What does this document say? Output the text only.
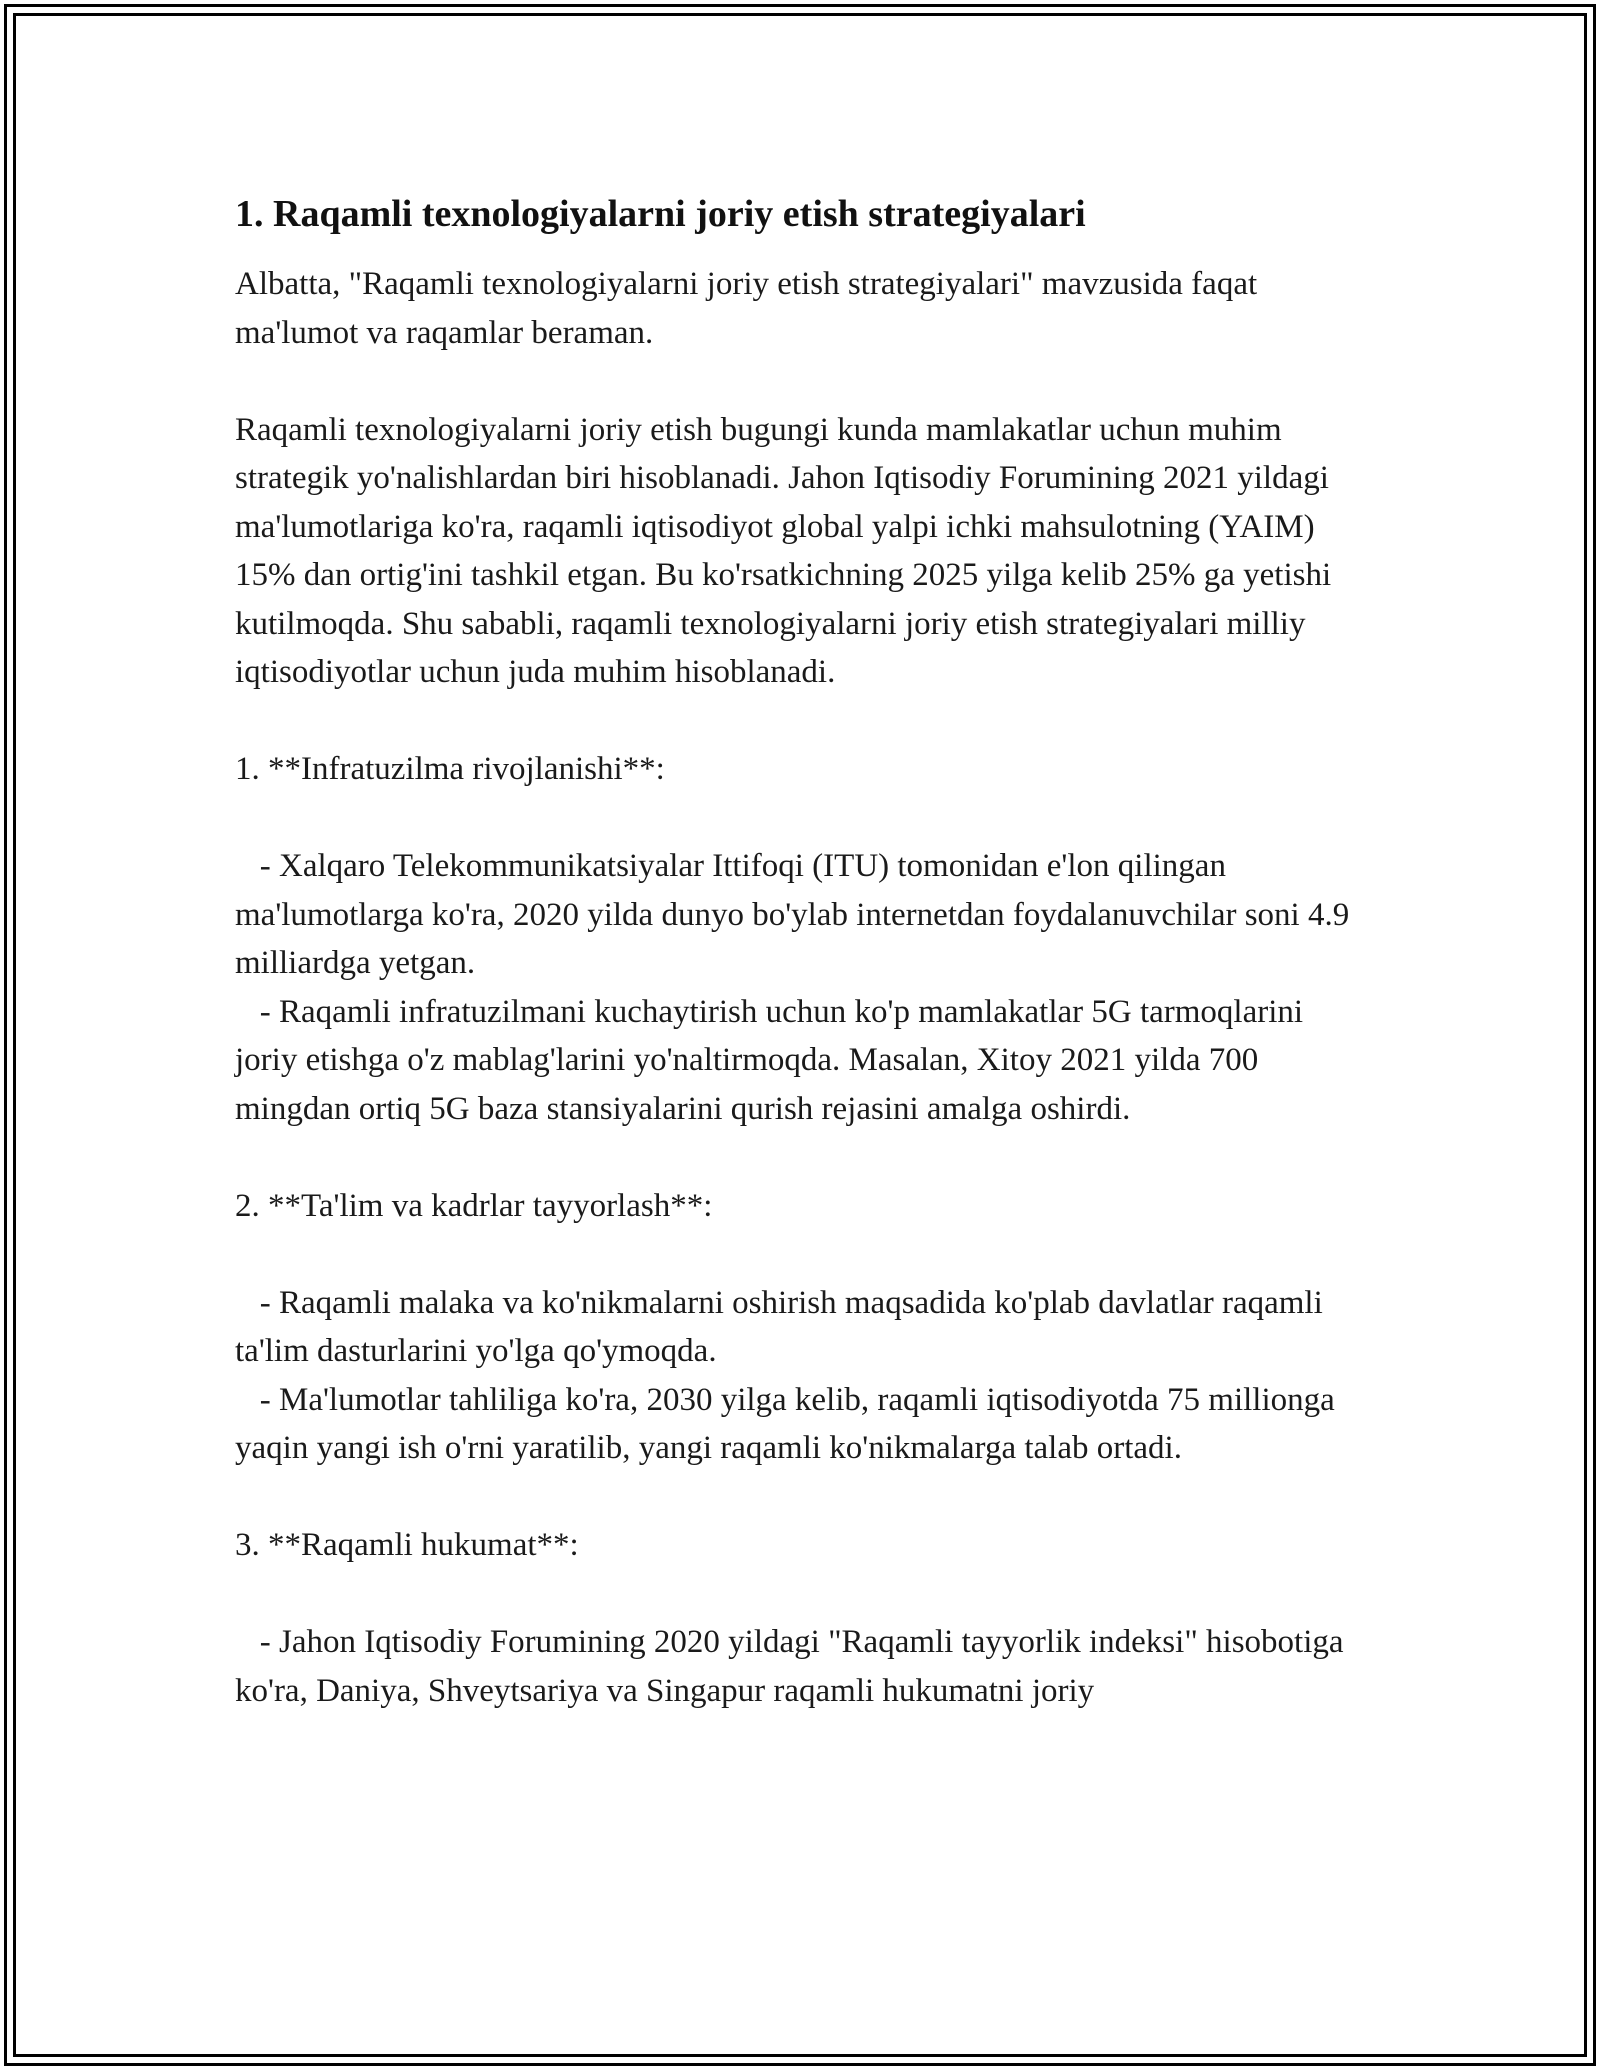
1. Raqamli texnologiyalarni joriy etish strategiyalari

Albatta, "Raqamli texnologiyalarni joriy etish strategiyalari" mavzusida faqat ma'lumot va raqamlar beraman.

Raqamli texnologiyalarni joriy etish bugungi kunda mamlakatlar uchun muhim strategik yo'nalishlardan biri hisoblanadi. Jahon Iqtisodiy Forumining 2021 yildagi ma'lumotlariga ko'ra, raqamli iqtisodiyot global yalpi ichki mahsulotning (YAIM) 15% dan ortig'ini tashkil etgan. Bu ko'rsatkichning 2025 yilga kelib 25% ga yetishi kutilmoqda. Shu sababli, raqamli texnologiyalarni joriy etish strategiyalari milliy iqtisodiyotlar uchun juda muhim hisoblanadi.

1. **Infratuzilma rivojlanishi**:

- Xalqaro Telekommunikatsiyalar Ittifoqi (ITU) tomonidan e'lon qilingan ma'lumotlarga ko'ra, 2020 yilda dunyo bo'ylab internetdan foydalanuvchilar soni 4.9 milliardga yetgan.

- Raqamli infratuzilmani kuchaytirish uchun ko'p mamlakatlar 5G tarmoqlarini joriy etishga o'z mablag'larini yo'naltirmoqda. Masalan, Xitoy 2021 yilda 700 mingdan ortiq 5G baza stansiyalarini qurish rejasini amalga oshirdi.

2. **Ta'lim va kadrlar tayyorlash**:

- Raqamli malaka va ko'nikmalarni oshirish maqsadida ko'plab davlatlar raqamli ta'lim dasturlarini yo'lga qo'ymoqda.

- Ma'lumotlar tahliliga ko'ra, 2030 yilga kelib, raqamli iqtisodiyotda 75 millionga yaqin yangi ish o'rni yaratilib, yangi raqamli ko'nikmalarga talab ortadi.

3. **Raqamli hukumat**:

- Jahon Iqtisodiy Forumining 2020 yildagi "Raqamli tayyorlik indeksi" hisobotiga ko'ra, Daniya, Shveytsariya va Singapur raqamli hukumatni joriy
